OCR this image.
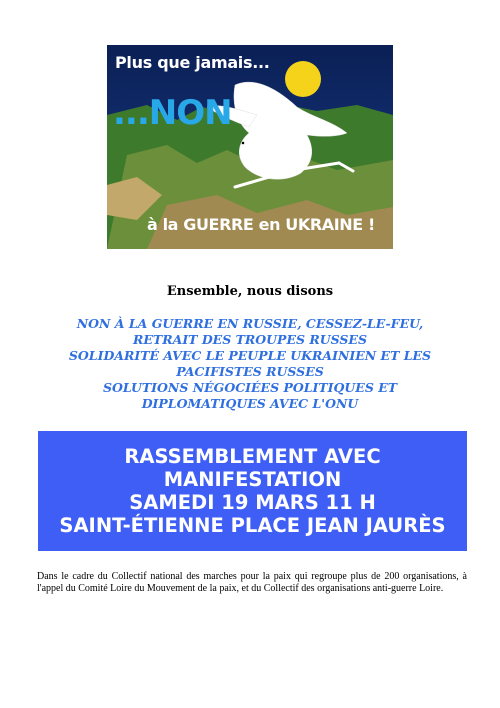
Plus que jamais...
...NON
à la GUERRE en UKRAINE !
Ensemble, nous disons
NON À LA GUERRE EN RUSSIE, CESSEZ-LE-FEU,
RETRAIT DES TROUPES RUSSES
SOLIDARITÉ AVEC LE PEUPLE UKRAINIEN ET LES
PACIFISTES RUSSES
SOLUTIONS NÉGOCIÉES POLITIQUES ET
DIPLOMATIQUES AVEC L'ONU
RASSEMBLEMENT AVEC
MANIFESTATION
SAMEDI 19 MARS 11 H
SAINT-ÉTIENNE PLACE JEAN JAURÈS
Dans le cadre du Collectif national des marches pour la paix qui regroupe plus de 200 organisations, à l'appel du Comité Loire du Mouvement de la paix, et du Collectif des organisations anti-guerre Loire.
